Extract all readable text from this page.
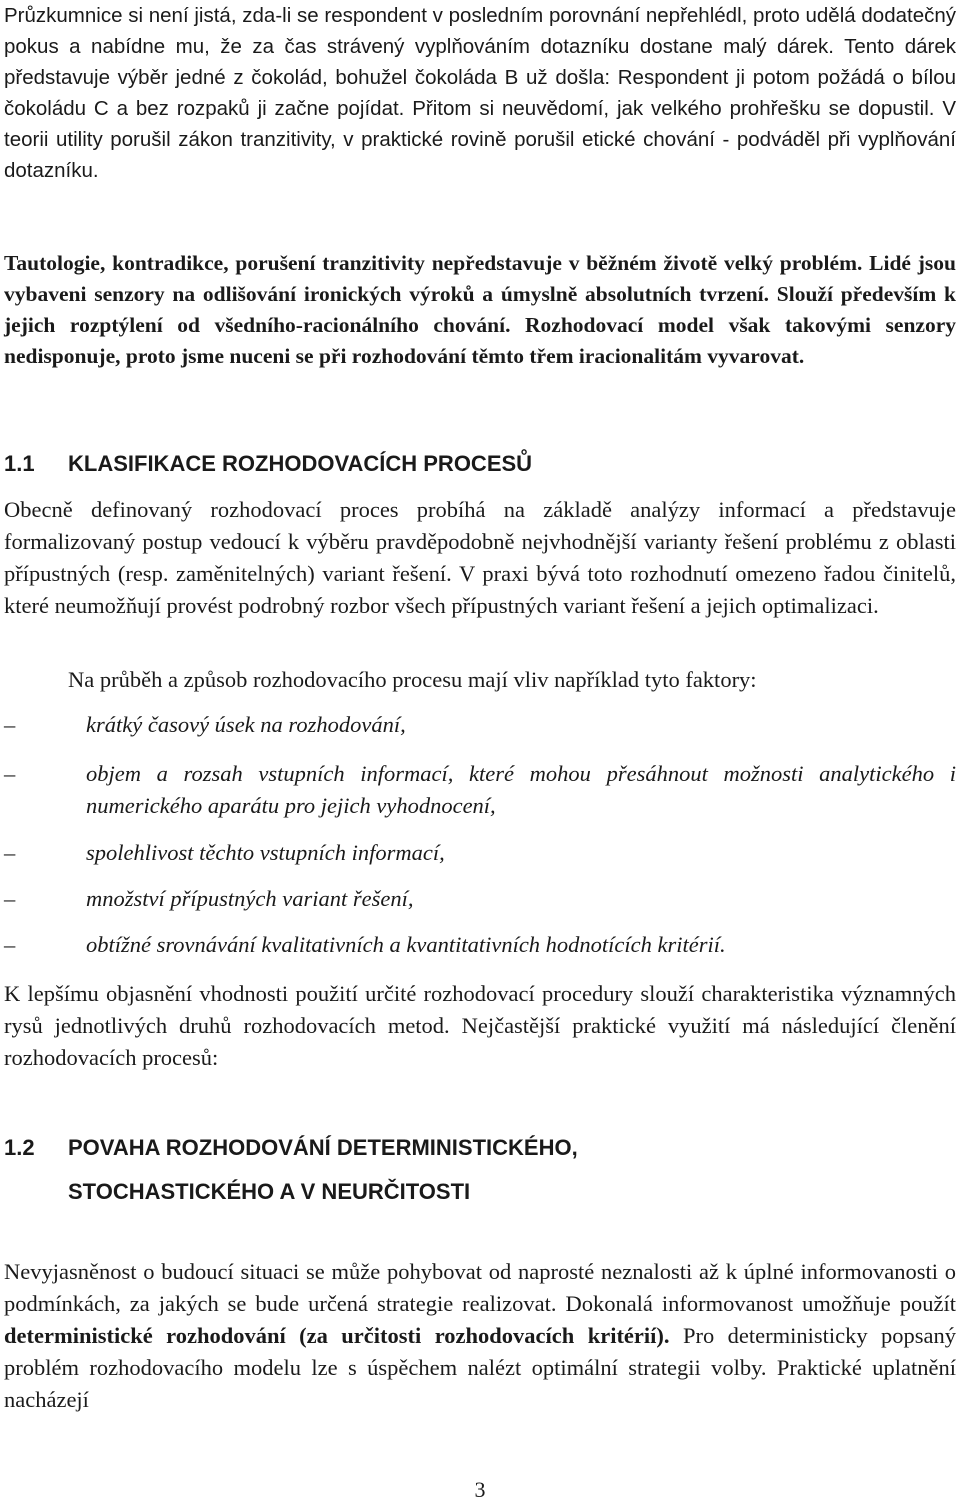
Průzkumnice si není jistá, zda-li se respondent v posledním porovnání nepřehlédl, proto udělá dodatečný pokus a nabídne mu, že za čas strávený vyplňováním dotazníku dostane malý dárek. Tento dárek představuje výběr jedné z čokolád, bohužel čokoláda B už došla: Respondent ji potom požádá o bílou čokoládu C a bez rozpaků ji začne pojídat. Přitom si neuvědomí, jak velkého prohřešku se dopustil. V teorii utility porušil zákon tranzitivity, v praktické rovině porušil etické chování - podváděl při vyplňování dotazníku.

Tautologie, kontradikce, porušení tranzitivity nepředstavuje v běžném životě velký problém. Lidé jsou vybaveni senzory na odlišování ironických výroků a úmyslně absolutních tvrzení. Slouží především k jejich rozptýlení od všedního-racionálního chování. Rozhodovací model však takovými senzory nedisponuje, proto jsme nuceni se při rozhodování těmto třem iracionalitám vyvarovat.

1.1 KLASIFIKACE ROZHODOVACÍCH PROCESŮ

Obecně definovaný rozhodovací proces probíhá na základě analýzy informací a představuje formalizovaný postup vedoucí k výběru pravděpodobně nejvhodnější varianty řešení problému z oblasti přípustných (resp. zaměnitelných) variant řešení. V praxi bývá toto rozhodnutí omezeno řadou činitelů, které neumožňují provést podrobný rozbor všech přípustných variant řešení a jejich optimalizaci.

Na průběh a způsob rozhodovacího procesu mají vliv například tyto faktory:

–	krátký časový úsek na rozhodování,
–	objem a rozsah vstupních informací, které mohou přesáhnout možnosti analytického i numerického aparátu pro jejich vyhodnocení,
–	spolehlivost těchto vstupních informací,
–	množství přípustných variant řešení,
–	obtížné srovnávání kvalitativních a kvantitativních hodnotících kritérií.

K lepšímu objasnění vhodnosti použití určité rozhodovací procedury slouží charakteristika významných rysů jednotlivých druhů rozhodovacích metod. Nejčastější praktické využití má následující členění rozhodovacích procesů:

1.2 POVAHA ROZHODOVÁNÍ DETERMINISTICKÉHO,
STOCHASTICKÉHO A V NEURČITOSTI

Nevyjasněnost o budoucí situaci se může pohybovat od naprosté neznalosti až k úplné informovanosti o podmínkách, za jakých se bude určená strategie realizovat. Dokonalá informovanost umožňuje použít deterministické rozhodování (za určitosti rozhodovacích kritérií). Pro deterministicky popsaný problém rozhodovacího modelu lze s úspěchem nalézt optimální strategii volby. Praktické uplatnění nacházejí

3
